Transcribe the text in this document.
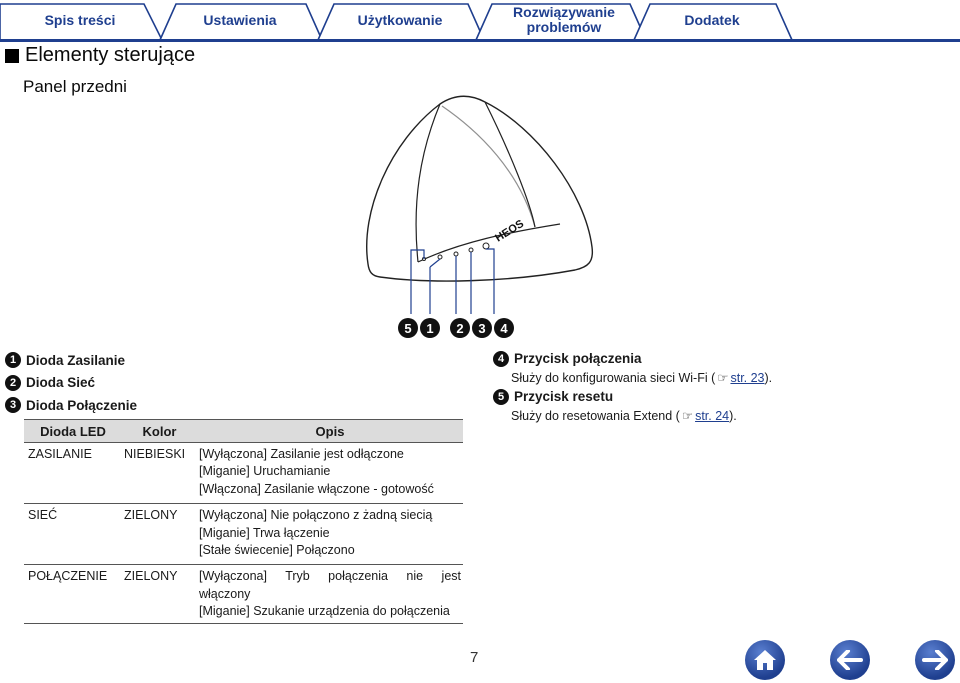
Spis treści	Ustawienia	Użytkowanie	Rozwiązywanie problemów	Dodatek
Elementy sterujące
Panel przedni
HEOS
5	1	2	3	4
1 Dioda Zasilanie
2 Dioda Sieć
3 Dioda Połączenie
4 Przycisk połączenia
Służy do konfigurowania sieci Wi-Fi ( ☞ str. 23 ).
5 Przycisk resetu
Służy do resetowania Extend ( ☞ str. 24 ).
Dioda LED	Kolor	Opis
ZASILANIE	NIEBIESKI	[Wyłączona] Zasilanie jest odłączone
[Miganie] Uruchamianie
[Włączona] Zasilanie włączone - gotowość

SIEĆ	ZIELONY	[Wyłączona] Nie połączono z żadną siecią
[Miganie] Trwa łączenie
[Stałe świecenie] Połączono

POŁĄCZENIE	ZIELONY	[Wyłączona] Tryb połączenia nie jest
włączony
[Miganie] Szukanie urządzenia do połączenia
7
